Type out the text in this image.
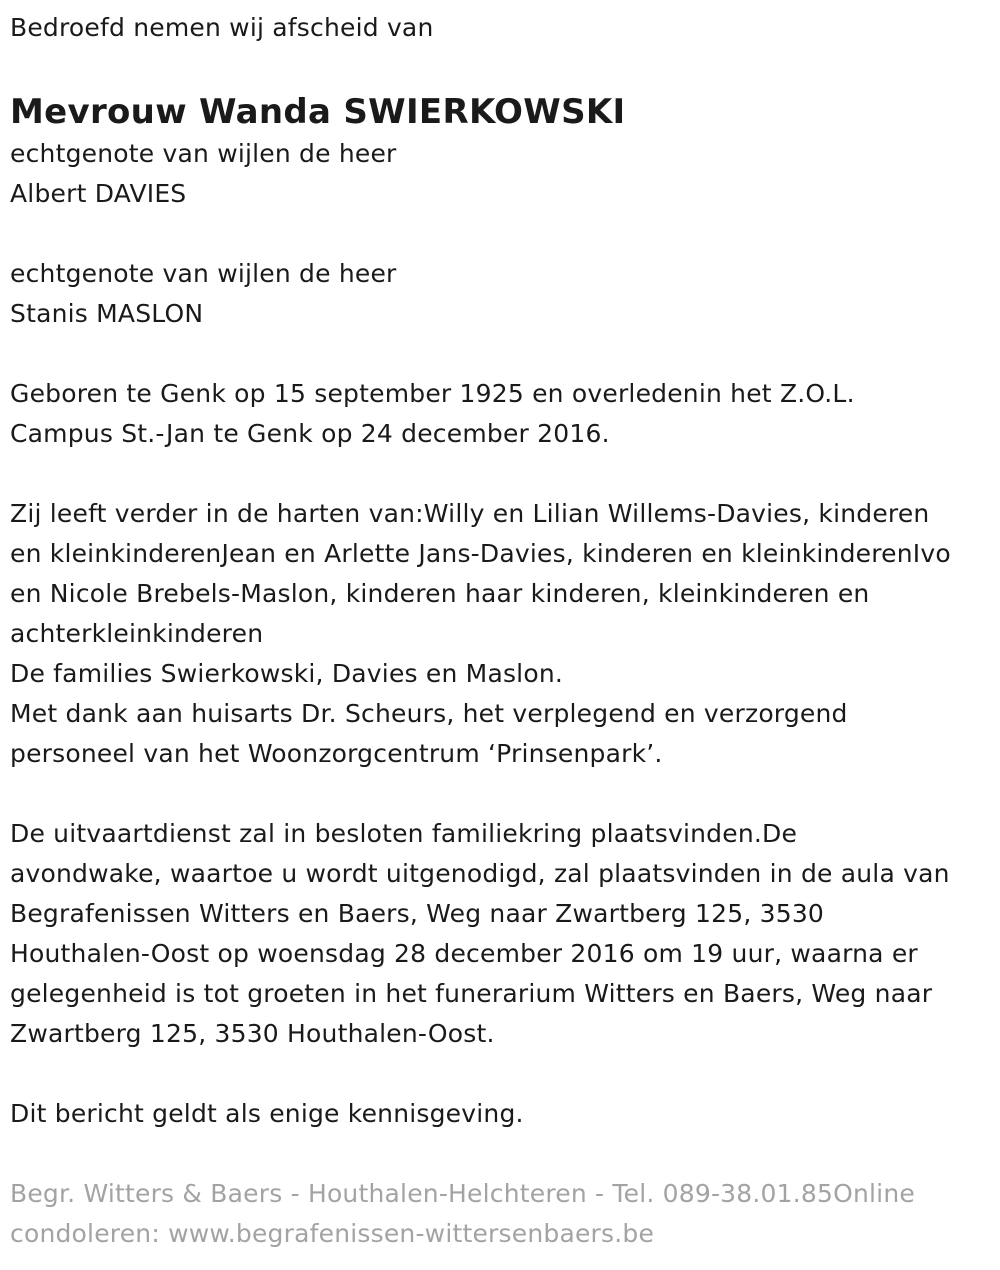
Bedroefd nemen wij afscheid van
Mevrouw Wanda SWIERKOWSKI
echtgenote van wijlen de heer
Albert DAVIES
echtgenote van wijlen de heer
Stanis MASLON
Geboren te Genk op 15 september 1925 en overledenin het Z.O.L.
Campus St.-Jan te Genk op 24 december 2016.
Zij leeft verder in de harten van:Willy en Lilian Willems-Davies, kinderen
en kleinkinderenJean en Arlette Jans-Davies, kinderen en kleinkinderenIvo
en Nicole Brebels-Maslon, kinderen haar kinderen, kleinkinderen en
achterkleinkinderen
De families Swierkowski, Davies en Maslon.
Met dank aan huisarts Dr. Scheurs, het verplegend en verzorgend
personeel van het Woonzorgcentrum ‘Prinsenpark’.
De uitvaartdienst zal in besloten familiekring plaatsvinden.De
avondwake, waartoe u wordt uitgenodigd, zal plaatsvinden in de aula van
Begrafenissen Witters en Baers, Weg naar Zwartberg 125, 3530
Houthalen-Oost op woensdag 28 december 2016 om 19 uur, waarna er
gelegenheid is tot groeten in het funerarium Witters en Baers, Weg naar
Zwartberg 125, 3530 Houthalen-Oost.
Dit bericht geldt als enige kennisgeving.
Begr. Witters & Baers - Houthalen-Helchteren - Tel. 089-38.01.85Online
condoleren: www.begrafenissen-wittersenbaers.be
